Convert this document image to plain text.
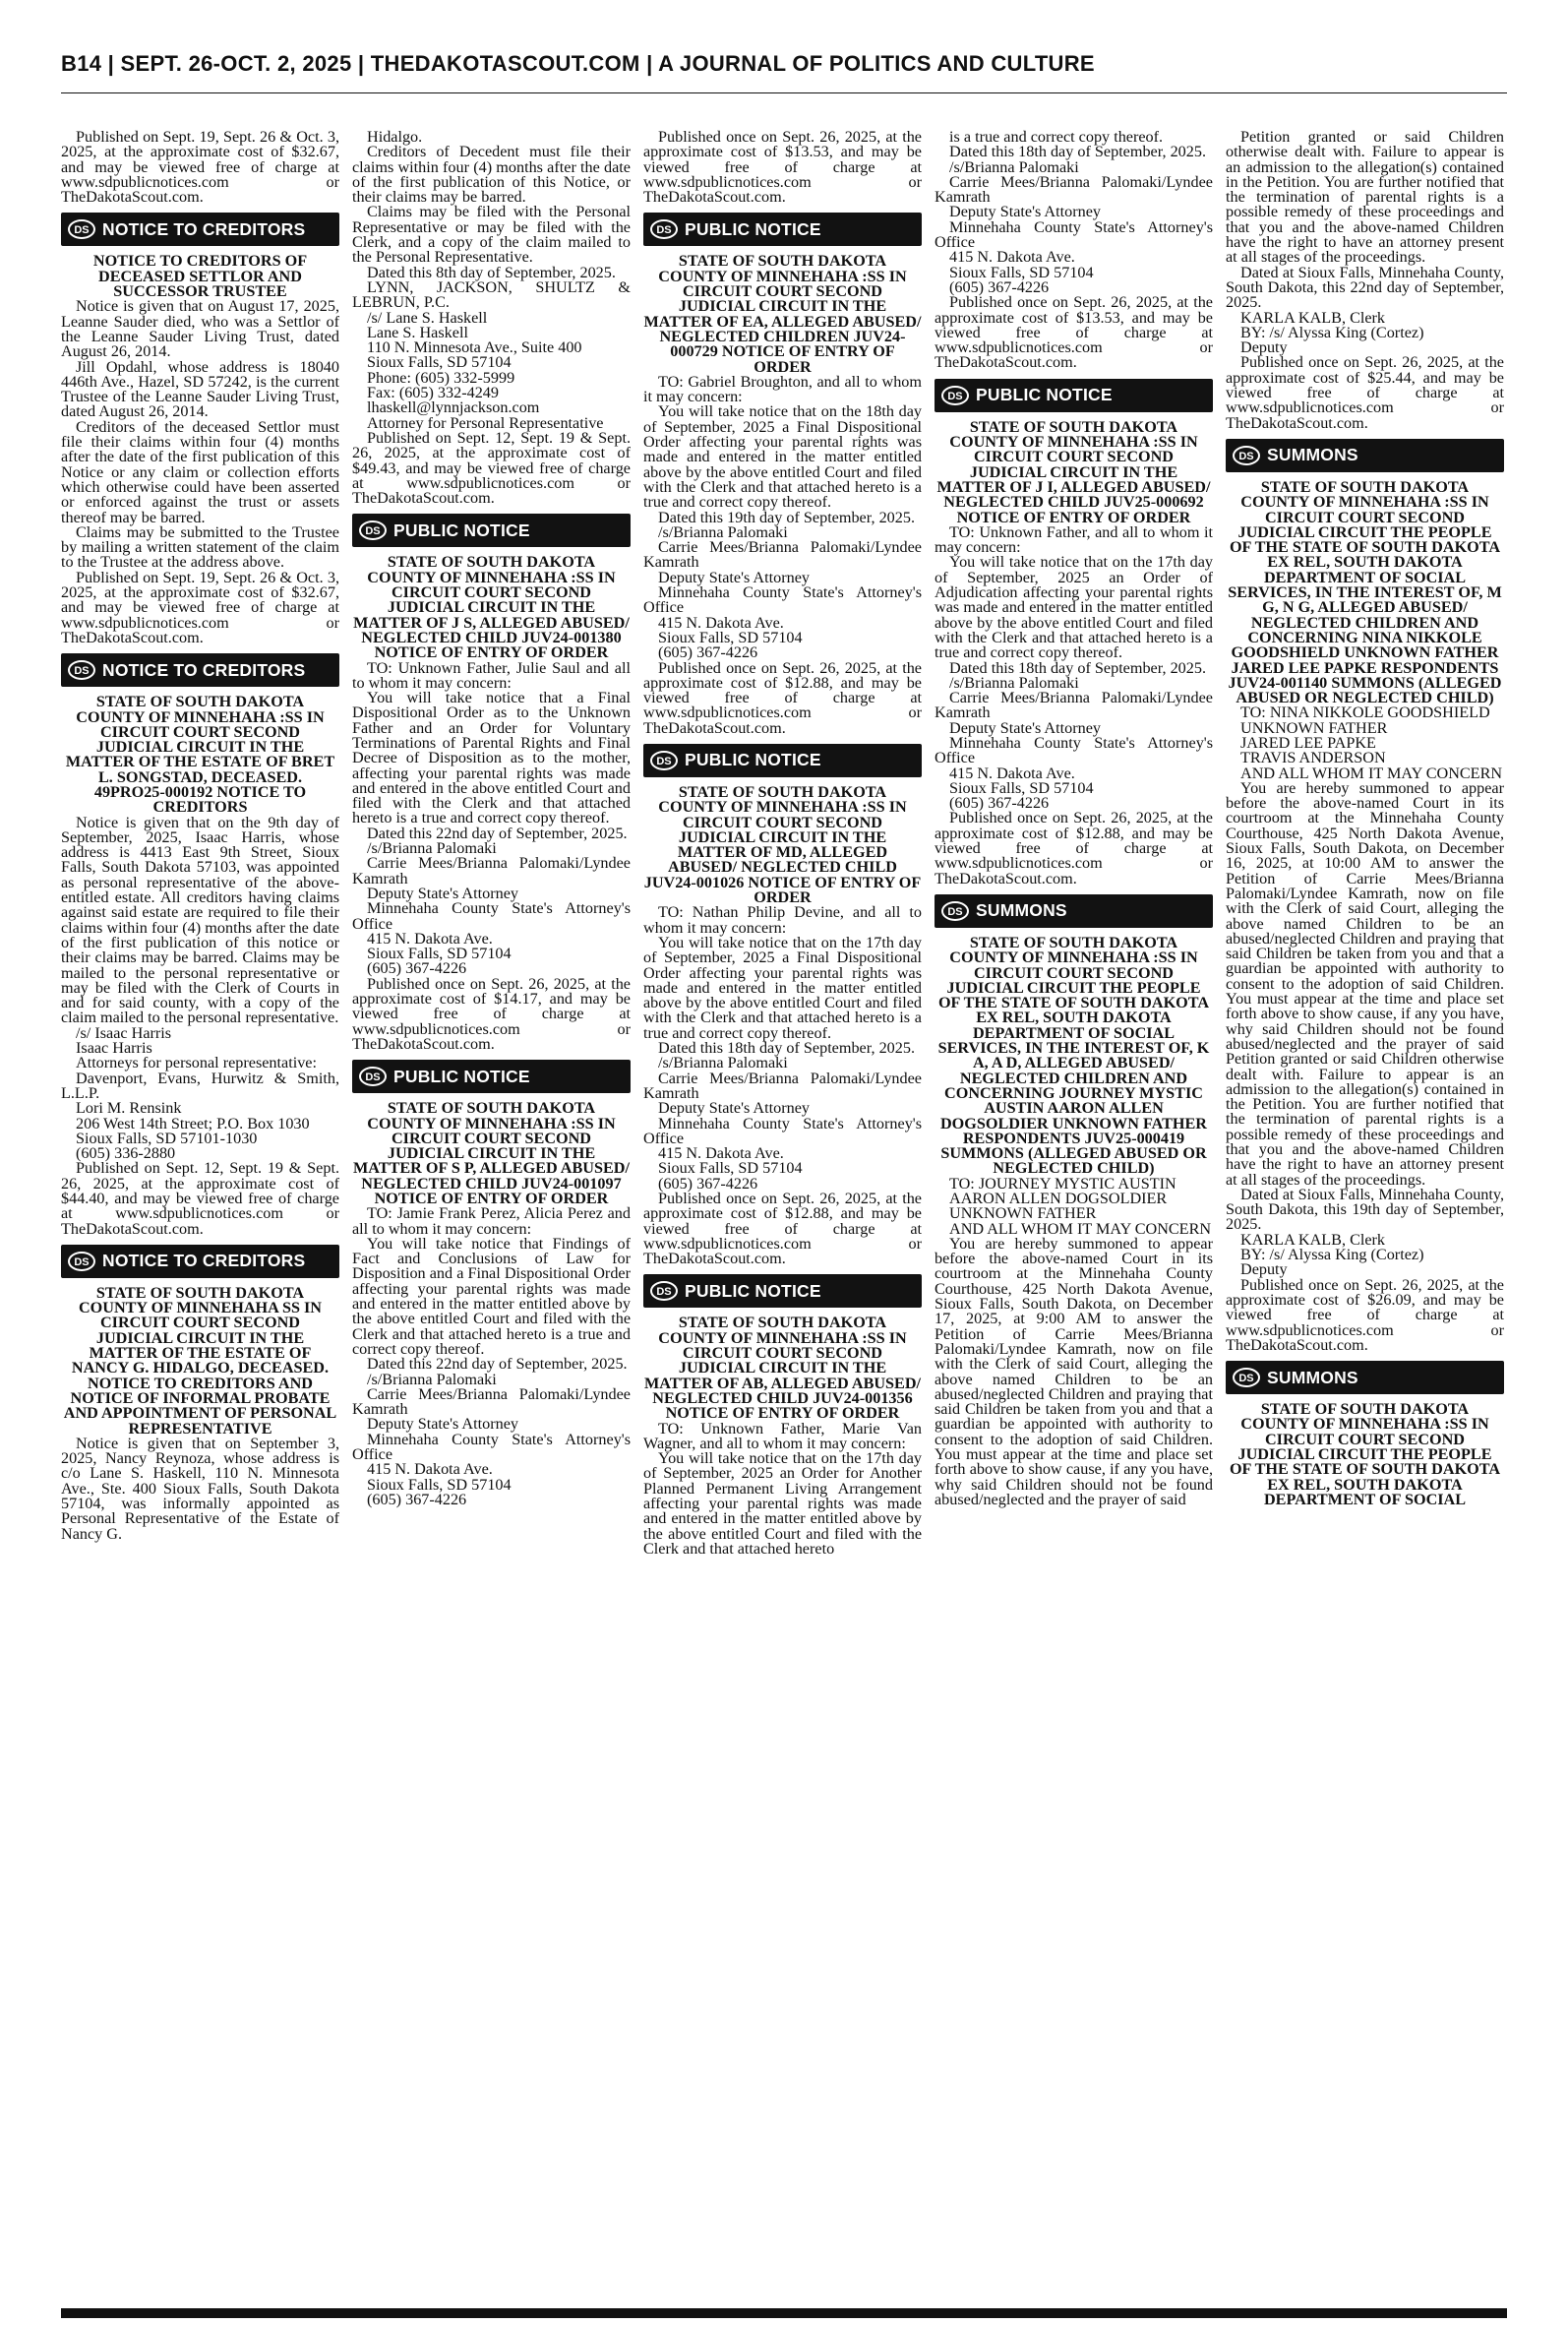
B14 | SEPT. 26-OCT. 2, 2025 | THEDAKOTASCOUT.COM | A JOURNAL OF POLITICS AND CULTURE

Published on Sept. 19, Sept. 26 & Oct. 3, 2025, at the approximate cost of $32.67, and may be viewed free of charge at www.sdpublicnotices.com or TheDakotaScout.com.

DS NOTICE TO CREDITORS

NOTICE TO CREDITORS OF DECEASED SETTLOR AND SUCCESSOR TRUSTEE

Notice is given that on August 17, 2025, Leanne Sauder died, who was a Settlor of the Leanne Sauder Living Trust, dated August 26, 2014.

Jill Opdahl, whose address is 18040 446th Ave., Hazel, SD 57242, is the current Trustee of the Leanne Sauder Living Trust, dated August 26, 2014.

Creditors of the deceased Settlor must file their claims within four (4) months after the date of the first publication of this Notice or any claim or collection efforts which otherwise could have been asserted or enforced against the trust or assets thereof may be barred.

Claims may be submitted to the Trustee by mailing a written statement of the claim to the Trustee at the address above.

Published on Sept. 19, Sept. 26 & Oct. 3, 2025, at the approximate cost of $32.67, and may be viewed free of charge at www.sdpublicnotices.com or TheDakotaScout.com.

DS NOTICE TO CREDITORS

STATE OF SOUTH DAKOTA COUNTY OF MINNEHAHA :SS IN CIRCUIT COURT SECOND JUDICIAL CIRCUIT IN THE MATTER OF THE ESTATE OF BRET L. SONGSTAD, DECEASED. 49PRO25-000192 NOTICE TO CREDITORS

Notice is given that on the 9th day of September, 2025, Isaac Harris, whose address is 4413 East 9th Street, Sioux Falls, South Dakota 57103, was appointed as personal representative of the above-entitled estate. All creditors having claims against said estate are required to file their claims within four (4) months after the date of the first publication of this notice or their claims may be barred. Claims may be mailed to the personal representative or may be filed with the Clerk of Courts in and for said county, with a copy of the claim mailed to the personal representative.

/s/ Isaac Harris

Isaac Harris

Attorneys for personal representative:

Davenport, Evans, Hurwitz & Smith, L.L.P.

Lori M. Rensink

206 West 14th Street; P.O. Box 1030

Sioux Falls, SD 57101-1030

(605) 336-2880

Published on Sept. 12, Sept. 19 & Sept. 26, 2025, at the approximate cost of $44.40, and may be viewed free of charge at www.sdpublicnotices.com or TheDakotaScout.com.

DS NOTICE TO CREDITORS

STATE OF SOUTH DAKOTA COUNTY OF MINNEHAHA SS IN CIRCUIT COURT SECOND JUDICIAL CIRCUIT IN THE MATTER OF THE ESTATE OF NANCY G. HIDALGO, DECEASED. NOTICE TO CREDITORS AND NOTICE OF INFORMAL PROBATE AND APPOINTMENT OF PERSONAL REPRESENTATIVE

Notice is given that on September 3, 2025, Nancy Reynoza, whose address is c/o Lane S. Haskell, 110 N. Minnesota Ave., Ste. 400 Sioux Falls, South Dakota 57104, was informally appointed as Personal Representative of the Estate of Nancy G.

Hidalgo.

Creditors of Decedent must file their claims within four (4) months after the date of the first publication of this Notice, or their claims may be barred.

Claims may be filed with the Personal Representative or may be filed with the Clerk, and a copy of the claim mailed to the Personal Representative.

Dated this 8th day of September, 2025.

LYNN, JACKSON, SHULTZ & LEBRUN, P.C.

/s/ Lane S. Haskell

Lane S. Haskell

110 N. Minnesota Ave., Suite 400

Sioux Falls, SD 57104

Phone: (605) 332-5999

Fax: (605) 332-4249

lhaskell@lynnjackson.com

Attorney for Personal Representative

Published on Sept. 12, Sept. 19 & Sept. 26, 2025, at the approximate cost of $49.43, and may be viewed free of charge at www.sdpublicnotices.com or TheDakotaScout.com.

DS PUBLIC NOTICE

STATE OF SOUTH DAKOTA COUNTY OF MINNEHAHA :SS IN CIRCUIT COURT SECOND JUDICIAL CIRCUIT IN THE MATTER OF J S, ALLEGED ABUSED/ NEGLECTED CHILD JUV24-001380 NOTICE OF ENTRY OF ORDER

TO: Unknown Father, Julie Saul and all to whom it may concern:

You will take notice that a Final Dispositional Order as to the Unknown Father and an Order for Voluntary Terminations of Parental Rights and Final Decree of Disposition as to the mother, affecting your parental rights was made and entered in the above entitled Court and filed with the Clerk and that attached hereto is a true and correct copy thereof.

Dated this 22nd day of September, 2025.

/s/Brianna Palomaki

Carrie Mees/Brianna Palomaki/Lyndee Kamrath

Deputy State's Attorney

Minnehaha County State's Attorney's Office

415 N. Dakota Ave.

Sioux Falls, SD 57104

(605) 367-4226

Published once on Sept. 26, 2025, at the approximate cost of $14.17, and may be viewed free of charge at www.sdpublicnotices.com or TheDakotaScout.com.

DS PUBLIC NOTICE

STATE OF SOUTH DAKOTA COUNTY OF MINNEHAHA :SS IN CIRCUIT COURT SECOND JUDICIAL CIRCUIT IN THE MATTER OF S P, ALLEGED ABUSED/ NEGLECTED CHILD JUV24-001097 NOTICE OF ENTRY OF ORDER

TO: Jamie Frank Perez, Alicia Perez and all to whom it may concern:

You will take notice that Findings of Fact and Conclusions of Law for Disposition and a Final Dispositional Order affecting your parental rights was made and entered in the matter entitled above by the above entitled Court and filed with the Clerk and that attached hereto is a true and correct copy thereof.

Dated this 22nd day of September, 2025.

/s/Brianna Palomaki

Carrie Mees/Brianna Palomaki/Lyndee Kamrath

Deputy State's Attorney

Minnehaha County State's Attorney's Office

415 N. Dakota Ave.

Sioux Falls, SD 57104

(605) 367-4226

Published once on Sept. 26, 2025, at the approximate cost of $13.53, and may be viewed free of charge at www.sdpublicnotices.com or TheDakotaScout.com.

DS PUBLIC NOTICE

STATE OF SOUTH DAKOTA COUNTY OF MINNEHAHA :SS IN CIRCUIT COURT SECOND JUDICIAL CIRCUIT IN THE MATTER OF EA, ALLEGED ABUSED/ NEGLECTED CHILDREN JUV24-000729 NOTICE OF ENTRY OF ORDER

TO: Gabriel Broughton, and all to whom it may concern:

You will take notice that on the 18th day of September, 2025 a Final Dispositional Order affecting your parental rights was made and entered in the matter entitled above by the above entitled Court and filed with the Clerk and that attached hereto is a true and correct copy thereof.

Dated this 19th day of September, 2025.

/s/Brianna Palomaki

Carrie Mees/Brianna Palomaki/Lyndee Kamrath

Deputy State's Attorney

Minnehaha County State's Attorney's Office

415 N. Dakota Ave.

Sioux Falls, SD 57104

(605) 367-4226

Published once on Sept. 26, 2025, at the approximate cost of $12.88, and may be viewed free of charge at www.sdpublicnotices.com or TheDakotaScout.com.

DS PUBLIC NOTICE

STATE OF SOUTH DAKOTA COUNTY OF MINNEHAHA :SS IN CIRCUIT COURT SECOND JUDICIAL CIRCUIT IN THE MATTER OF MD, ALLEGED ABUSED/ NEGLECTED CHILD JUV24-001026 NOTICE OF ENTRY OF ORDER

TO: Nathan Philip Devine, and all to whom it may concern:

You will take notice that on the 17th day of September, 2025 a Final Dispositional Order affecting your parental rights was made and entered in the matter entitled above by the above entitled Court and filed with the Clerk and that attached hereto is a true and correct copy thereof.

Dated this 18th day of September, 2025.

/s/Brianna Palomaki

Carrie Mees/Brianna Palomaki/Lyndee Kamrath

Deputy State's Attorney

Minnehaha County State's Attorney's Office

415 N. Dakota Ave.

Sioux Falls, SD 57104

(605) 367-4226

Published once on Sept. 26, 2025, at the approximate cost of $12.88, and may be viewed free of charge at www.sdpublicnotices.com or TheDakotaScout.com.

DS PUBLIC NOTICE

STATE OF SOUTH DAKOTA COUNTY OF MINNEHAHA :SS IN CIRCUIT COURT SECOND JUDICIAL CIRCUIT IN THE MATTER OF AB, ALLEGED ABUSED/ NEGLECTED CHILD JUV24-001356 NOTICE OF ENTRY OF ORDER

TO: Unknown Father, Marie Van Wagner, and all to whom it may concern:

You will take notice that on the 17th day of September, 2025 an Order for Another Planned Permanent Living Arrangement affecting your parental rights was made and entered in the matter entitled above by the above entitled Court and filed with the Clerk and that attached hereto

is a true and correct copy thereof.

Dated this 18th day of September, 2025.

/s/Brianna Palomaki

Carrie Mees/Brianna Palomaki/Lyndee Kamrath

Deputy State's Attorney

Minnehaha County State's Attorney's Office

415 N. Dakota Ave.

Sioux Falls, SD 57104

(605) 367-4226

Published once on Sept. 26, 2025, at the approximate cost of $13.53, and may be viewed free of charge at www.sdpublicnotices.com or TheDakotaScout.com.

DS PUBLIC NOTICE

STATE OF SOUTH DAKOTA COUNTY OF MINNEHAHA :SS IN CIRCUIT COURT SECOND JUDICIAL CIRCUIT IN THE MATTER OF J I, ALLEGED ABUSED/ NEGLECTED CHILD JUV25-000692 NOTICE OF ENTRY OF ORDER

TO: Unknown Father, and all to whom it may concern:

You will take notice that on the 17th day of September, 2025 an Order of Adjudication affecting your parental rights was made and entered in the matter entitled above by the above entitled Court and filed with the Clerk and that attached hereto is a true and correct copy thereof.

Dated this 18th day of September, 2025.

/s/Brianna Palomaki

Carrie Mees/Brianna Palomaki/Lyndee Kamrath

Deputy State's Attorney

Minnehaha County State's Attorney's Office

415 N. Dakota Ave.

Sioux Falls, SD 57104

(605) 367-4226

Published once on Sept. 26, 2025, at the approximate cost of $12.88, and may be viewed free of charge at www.sdpublicnotices.com or TheDakotaScout.com.

DS SUMMONS

STATE OF SOUTH DAKOTA COUNTY OF MINNEHAHA :SS IN CIRCUIT COURT SECOND JUDICIAL CIRCUIT THE PEOPLE OF THE STATE OF SOUTH DAKOTA EX REL, SOUTH DAKOTA DEPARTMENT OF SOCIAL SERVICES, IN THE INTEREST OF, K A, A D, ALLEGED ABUSED/ NEGLECTED CHILDREN AND CONCERNING JOURNEY MYSTIC AUSTIN AARON ALLEN DOGSOLDIER UNKNOWN FATHER RESPONDENTS JUV25-000419 SUMMONS (ALLEGED ABUSED OR NEGLECTED CHILD)

TO: JOURNEY MYSTIC AUSTIN

AARON ALLEN DOGSOLDIER

UNKNOWN FATHER

AND ALL WHOM IT MAY CONCERN

You are hereby summoned to appear before the above-named Court in its courtroom at the Minnehaha County Courthouse, 425 North Dakota Avenue, Sioux Falls, South Dakota, on December 17, 2025, at 9:00 AM to answer the Petition of Carrie Mees/Brianna Palomaki/Lyndee Kamrath, now on file with the Clerk of said Court, alleging the above named Children to be an abused/neglected Children and praying that said Children be taken from you and that a guardian be appointed with authority to consent to the adoption of said Children. You must appear at the time and place set forth above to show cause, if any you have, why said Children should not be found abused/neglected and the prayer of said

Petition granted or said Children otherwise dealt with. Failure to appear is an admission to the allegation(s) contained in the Petition. You are further notified that the termination of parental rights is a possible remedy of these proceedings and that you and the above-named Children have the right to have an attorney present at all stages of the proceedings.

Dated at Sioux Falls, Minnehaha County, South Dakota, this 22nd day of September, 2025.

KARLA KALB, Clerk

BY: /s/ Alyssa King (Cortez)

Deputy

Published once on Sept. 26, 2025, at the approximate cost of $25.44, and may be viewed free of charge at www.sdpublicnotices.com or TheDakotaScout.com.

DS SUMMONS

STATE OF SOUTH DAKOTA COUNTY OF MINNEHAHA :SS IN CIRCUIT COURT SECOND JUDICIAL CIRCUIT THE PEOPLE OF THE STATE OF SOUTH DAKOTA EX REL, SOUTH DAKOTA DEPARTMENT OF SOCIAL SERVICES, IN THE INTEREST OF, M G, N G, ALLEGED ABUSED/ NEGLECTED CHILDREN AND CONCERNING NINA NIKKOLE GOODSHIELD UNKNOWN FATHER JARED LEE PAPKE RESPONDENTS JUV24-001140 SUMMONS (ALLEGED ABUSED OR NEGLECTED CHILD)

TO: NINA NIKKOLE GOODSHIELD

UNKNOWN FATHER

JARED LEE PAPKE

TRAVIS ANDERSON

AND ALL WHOM IT MAY CONCERN

You are hereby summoned to appear before the above-named Court in its courtroom at the Minnehaha County Courthouse, 425 North Dakota Avenue, Sioux Falls, South Dakota, on December 16, 2025, at 10:00 AM to answer the Petition of Carrie Mees/Brianna Palomaki/Lyndee Kamrath, now on file with the Clerk of said Court, alleging the above named Children to be an abused/neglected Children and praying that said Children be taken from you and that a guardian be appointed with authority to consent to the adoption of said Children. You must appear at the time and place set forth above to show cause, if any you have, why said Children should not be found abused/neglected and the prayer of said Petition granted or said Children otherwise dealt with. Failure to appear is an admission to the allegation(s) contained in the Petition. You are further notified that the termination of parental rights is a possible remedy of these proceedings and that you and the above-named Children have the right to have an attorney present at all stages of the proceedings.

Dated at Sioux Falls, Minnehaha County, South Dakota, this 19th day of September, 2025.

KARLA KALB, Clerk

BY: /s/ Alyssa King (Cortez)

Deputy

Published once on Sept. 26, 2025, at the approximate cost of $26.09, and may be viewed free of charge at www.sdpublicnotices.com or TheDakotaScout.com.

DS SUMMONS

STATE OF SOUTH DAKOTA COUNTY OF MINNEHAHA :SS IN CIRCUIT COURT SECOND JUDICIAL CIRCUIT THE PEOPLE OF THE STATE OF SOUTH DAKOTA EX REL, SOUTH DAKOTA DEPARTMENT OF SOCIAL
